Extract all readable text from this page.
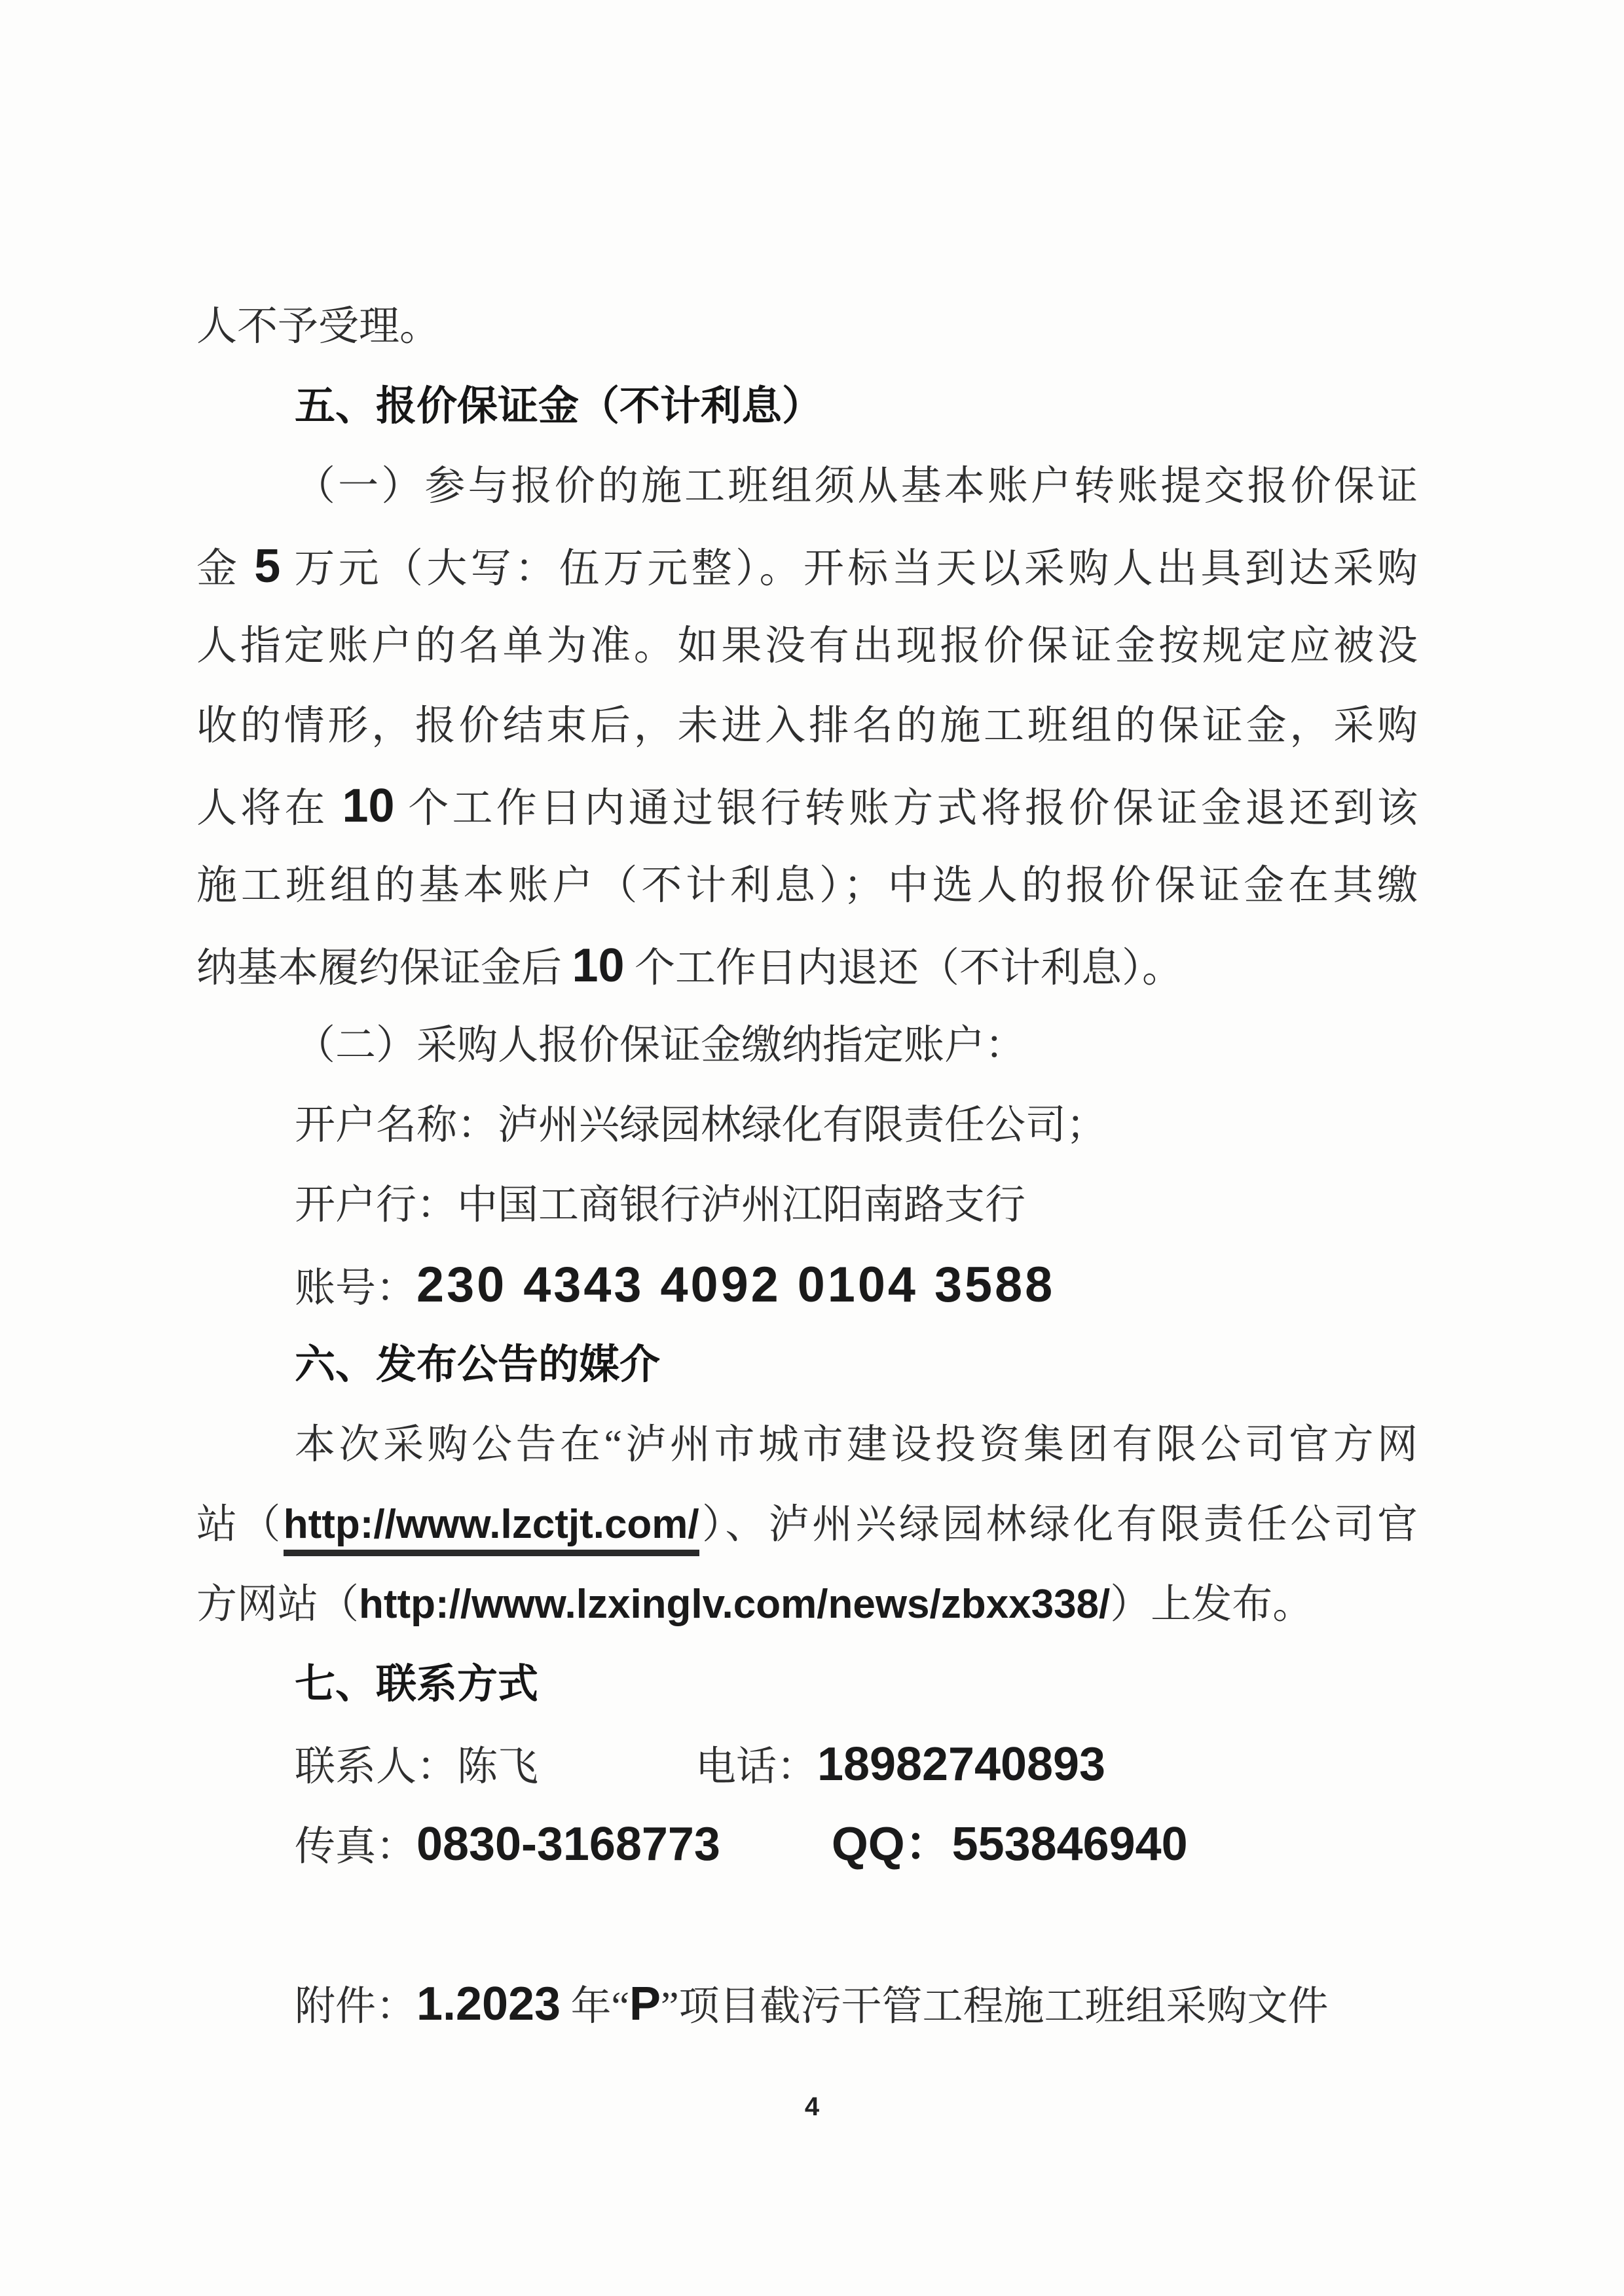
人不予受理。
五、报价保证金（不计利息）
（一）参与报价的施工班组须从基本账户转账提交报价保证
金 5 万元（大写：伍万元整）。开标当天以采购人出具到达采购
人指定账户的名单为准。如果没有出现报价保证金按规定应被没
收的情形，报价结束后，未进入排名的施工班组的保证金，采购
人将在 10 个工作日内通过银行转账方式将报价保证金退还到该
施工班组的基本账户（不计利息）；中选人的报价保证金在其缴
纳基本履约保证金后 10 个工作日内退还（不计利息）。
（二）采购人报价保证金缴纳指定账户：
开户名称：泸州兴绿园林绿化有限责任公司；
开户行：中国工商银行泸州江阳南路支行
账号：230 4343 4092 0104 3588
六、发布公告的媒介
本次采购公告在“泸州市城市建设投资集团有限公司官方网
站（http://www.lzctjt.com/）、泸州兴绿园林绿化有限责任公司官
方网站（http://www.lzxinglv.com/news/zbxx338/）上发布。
七、联系方式
联系人：陈飞	电话：18982740893
传真：0830-3168773 QQ：553846940
附件：1.2023 年“P”项目截污干管工程施工班组采购文件
4
